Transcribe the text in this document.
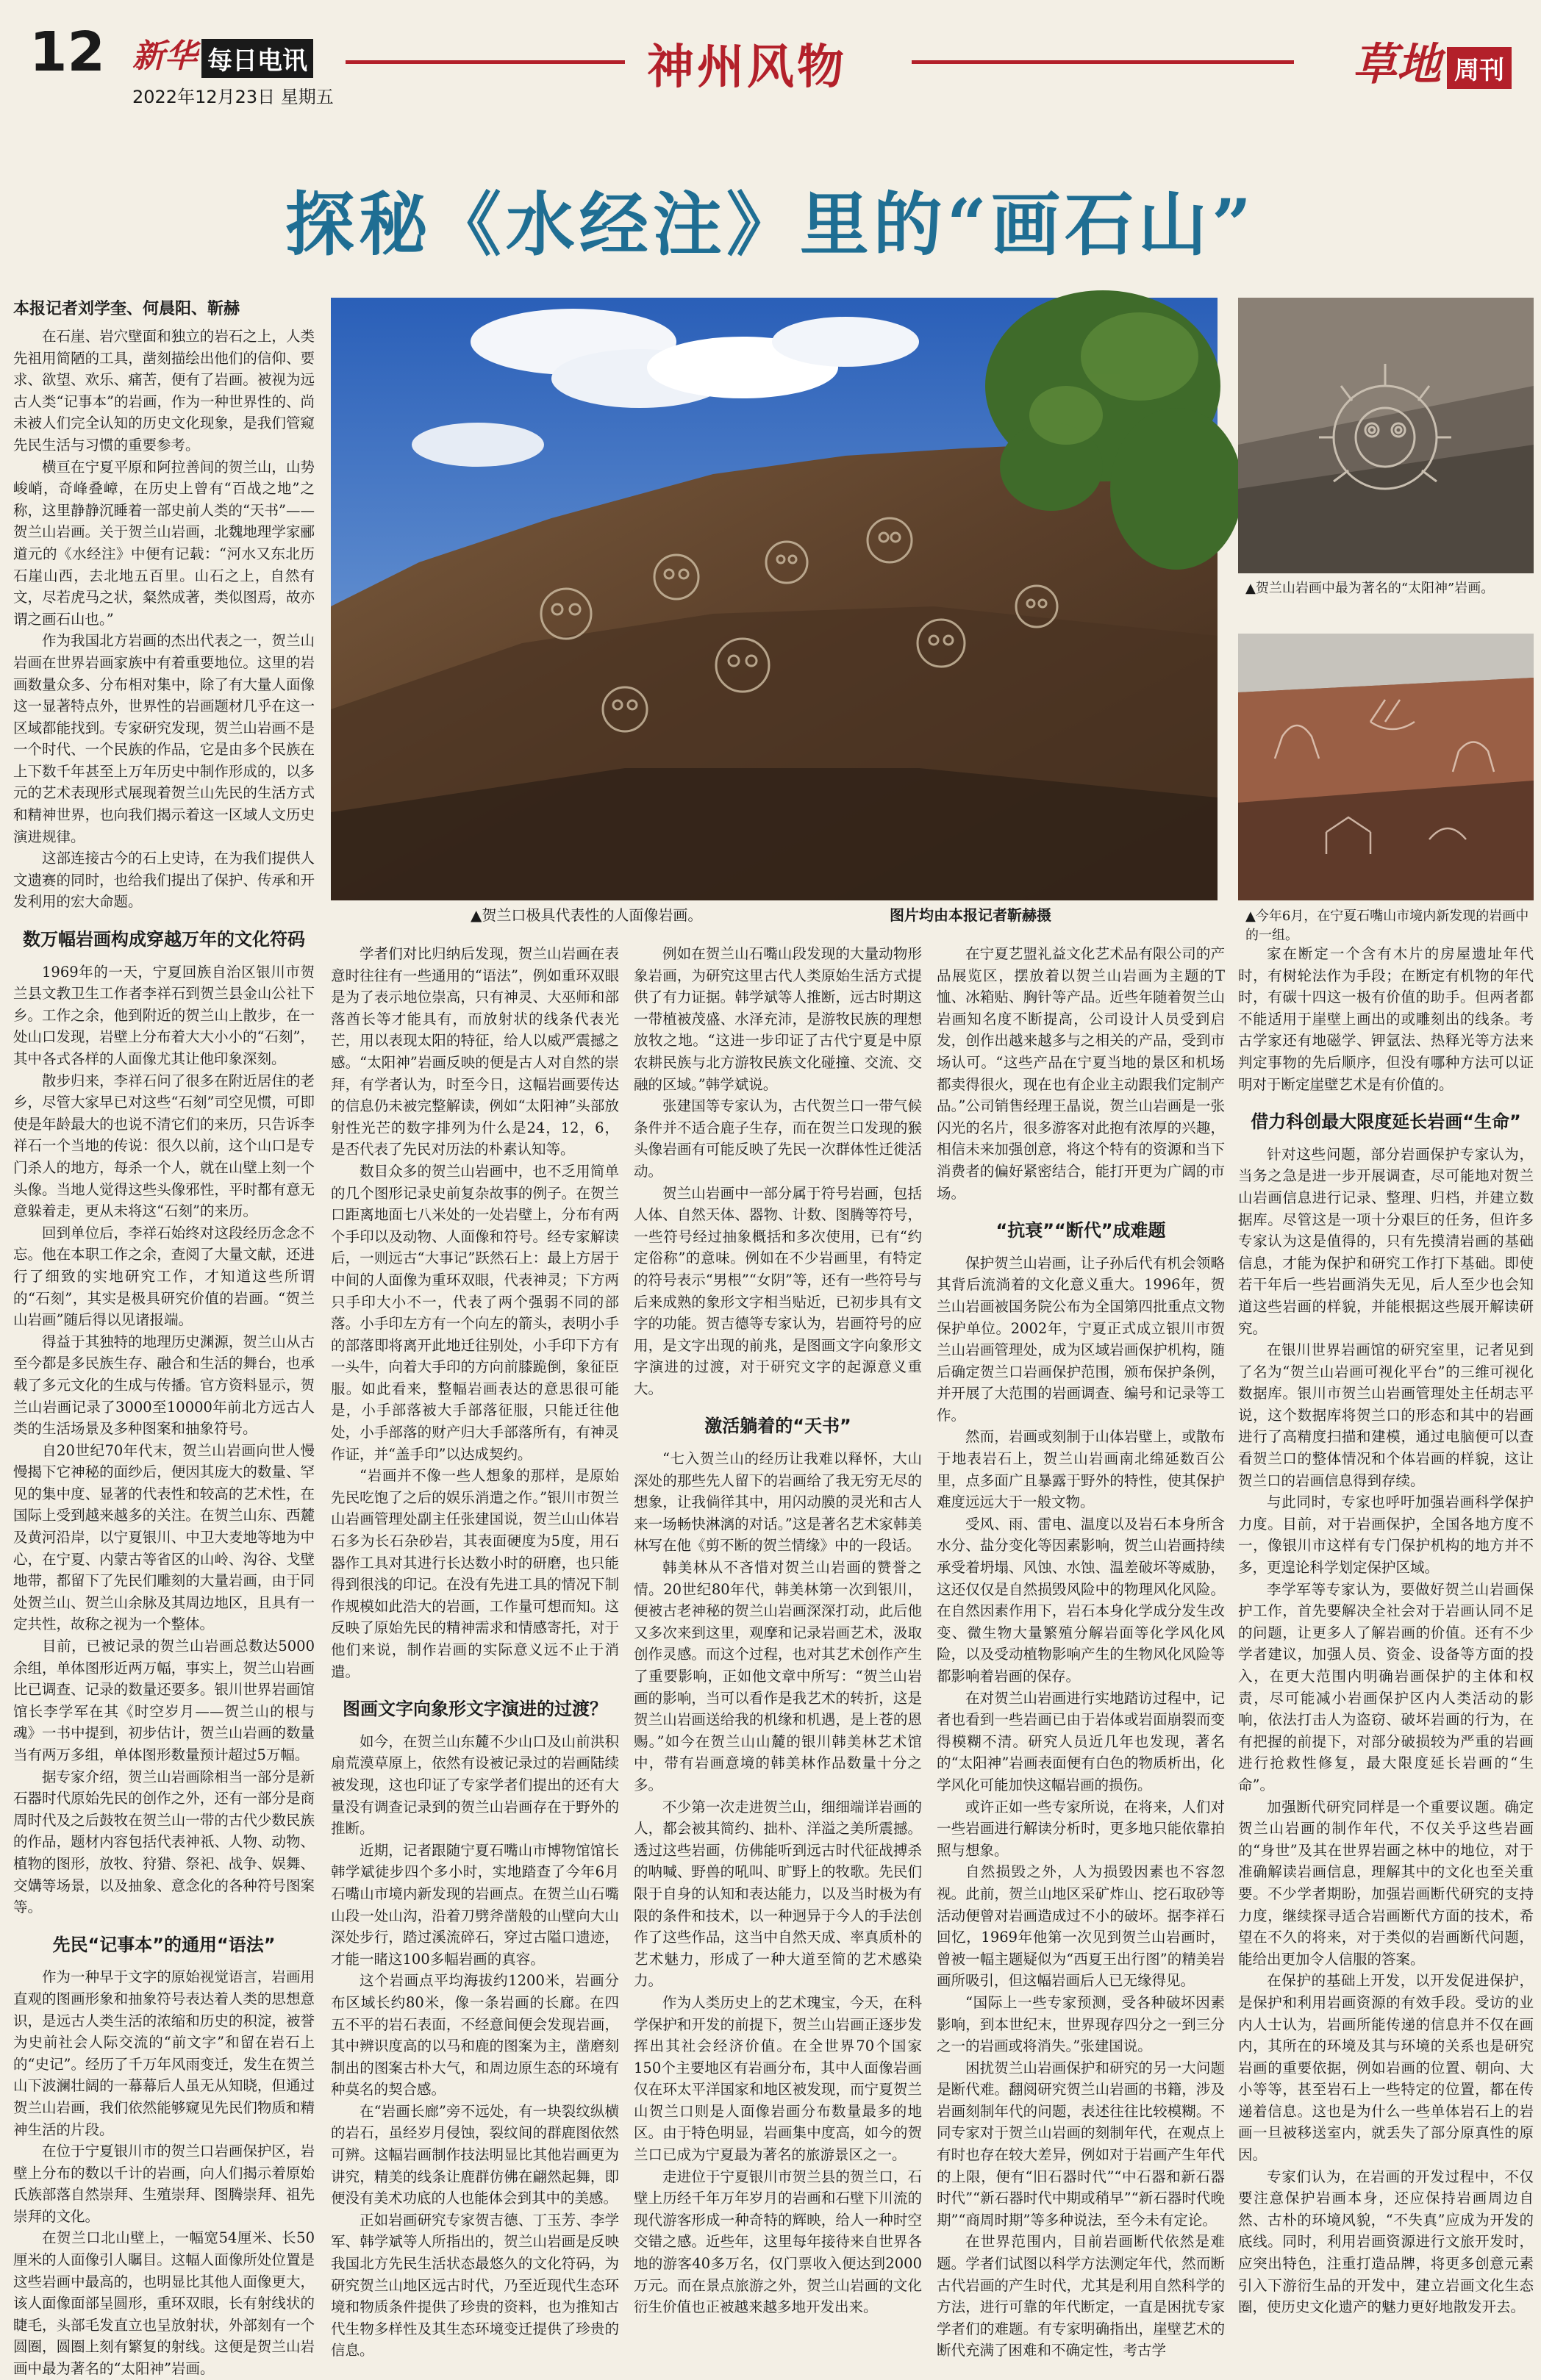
12 新华 每日电讯
2022年12月23日 星期五
神州风物	草地 周刊
探秘《水经注》里的“画石山”
本报记者刘学奎、何晨阳、靳赫
▲贺兰口极具代表性的人面像岩画。	图片均由本报记者靳赫摄
▲贺兰山岩画中最为著名的“太阳神”岩画。
▲今年6月，在宁夏石嘴山市境内新发现的岩画中的一组。

在石崖、岩穴壁面和独立的岩石之上，人类先祖用简陋的工具，凿刻描绘出他们的信仰、要求、欲望、欢乐、痛苦，便有了岩画。被视为远古人类“记事本”的岩画，作为一种世界性的、尚未被人们完全认知的历史文化现象，是我们管窥先民生活与习惯的重要参考。

横亘在宁夏平原和阿拉善间的贺兰山，山势峻峭，奇峰叠嶂，在历史上曾有“百战之地”之称，这里静静沉睡着一部史前人类的“天书”——贺兰山岩画。关于贺兰山岩画，北魏地理学家郦道元的《水经注》中便有记载：“河水又东北历石崖山西，去北地五百里。山石之上，自然有文，尽若虎马之状，粲然成著，类似图焉，故亦谓之画石山也。”

作为我国北方岩画的杰出代表之一，贺兰山岩画在世界岩画家族中有着重要地位。这里的岩画数量众多、分布相对集中，除了有大量人面像这一显著特点外，世界性的岩画题材几乎在这一区域都能找到。专家研究发现，贺兰山岩画不是一个时代、一个民族的作品，它是由多个民族在上下数千年甚至上万年历史中制作形成的，以多元的艺术表现形式展现着贺兰山先民的生活方式和精神世界，也向我们揭示着这一区域人文历史演进规律。

这部连接古今的石上史诗，在为我们提供人文遗赛的同时，也给我们提出了保护、传承和开发利用的宏大命题。

数万幅岩画构成穿越万年的文化符码

1969年的一天，宁夏回族自治区银川市贺兰县文教卫生工作者李祥石到贺兰县金山公社下乡。工作之余，他到附近的贺兰山上散步，在一处山口发现，岩壁上分布着大大小小的“石刻”，其中各式各样的人面像尤其让他印象深刻。

散步归来，李祥石问了很多在附近居住的老乡，尽管大家早已对这些“石刻”司空见惯，可即使是年龄最大的也说不清它们的来历，只告诉李祥石一个当地的传说：很久以前，这个山口是专门杀人的地方，每杀一个人，就在山壁上刻一个头像。当地人觉得这些头像邪性，平时都有意无意躲着走，更从未将这“石刻”的来历。

回到单位后，李祥石始终对这段经历念念不忘。他在本职工作之余，查阅了大量文献，还进行了细致的实地研究工作，才知道这些所谓的“石刻”，其实是极具研究价值的岩画。“贺兰山岩画”随后得以见诸报端。

得益于其独特的地理历史渊源，贺兰山从古至今都是多民族生存、融合和生活的舞台，也承载了多元文化的生成与传播。官方资料显示，贺兰山岩画记录了3000至10000年前北方远古人类的生活场景及多种图案和抽象符号。

自20世纪70年代末，贺兰山岩画向世人慢慢揭下它神秘的面纱后，便因其庞大的数量、罕见的集中度、显著的代表性和较高的艺术性，在国际上受到越来越多的关注。在贺兰山东、西麓及黄河沿岸，以宁夏银川、中卫大麦地等地为中心，在宁夏、内蒙古等省区的山岭、沟谷、戈壁地带，都留下了先民们雕刻的大量岩画，由于同处贺兰山、贺兰山余脉及其周边地区，且具有一定共性，故称之视为一个整体。

目前，已被记录的贺兰山岩画总数达5000余组，单体图形近两万幅，事实上，贺兰山岩画比已调查、记录的数量还要多。银川世界岩画馆馆长李学军在其《时空岁月——贺兰山的根与魂》一书中提到，初步估计，贺兰山岩画的数量当有两万多组，单体图形数量预计超过5万幅。

据专家介绍，贺兰山岩画除相当一部分是新石器时代原始先民的创作之外，还有一部分是商周时代及之后鼓牧在贺兰山一带的古代少数民族的作品，题材内容包括代表神祇、人物、动物、植物的图形，放牧、狩猎、祭祀、战争、娱舞、交媾等场景，以及抽象、意念化的各种符号图案等。

先民“记事本”的通用“语法”

作为一种早于文字的原始视觉语言，岩画用直观的图画形象和抽象符号表达着人类的思想意识，是远古人类生活的浓缩和历史的积淀，被誉为史前社会人际交流的“前文字”和留在岩石上的“史记”。经历了千万年风雨变迁，发生在贺兰山下波澜壮阔的一幕幕后人虽无从知晓，但通过贺兰山岩画，我们依然能够窥见先民们物质和精神生活的片段。

在位于宁夏银川市的贺兰口岩画保护区，岩壁上分布的数以千计的岩画，向人们揭示着原始氏族部落自然崇拜、生殖崇拜、图腾崇拜、祖先崇拜的文化。

在贺兰口北山壁上，一幅宽54厘米、长50厘米的人面像引人瞩目。这幅人面像所处位置是这些岩画中最高的，也明显比其他人面像更大，该人面像面部呈圆形，重环双眼，长有射线状的睫毛，头部毛发直立也呈放射状，外部刻有一个圆圈，圆圈上刻有繁复的射线。这便是贺兰山岩画中最为著名的“太阳神”岩画。

学者们对比归纳后发现，贺兰山岩画在表意时往往有一些通用的“语法”，例如重环双眼是为了表示地位崇高，只有神灵、大巫师和部落酋长等才能具有，而放射状的线条代表光芒，用以表现太阳的特征，给人以威严震撼之感。“太阳神”岩画反映的便是古人对自然的崇拜，有学者认为，时至今日，这幅岩画要传达的信息仍未被完整解读，例如“太阳神”头部放射性光芒的数字排列为什么是24，12，6，是否代表了先民对历法的朴素认知等。

数目众多的贺兰山岩画中，也不乏用简单的几个图形记录史前复杂故事的例子。在贺兰口距离地面七八米处的一处岩壁上，分布有两个手印以及动物、人面像和符号。经专家解读后，一则远古“大事记”跃然石上：最上方居于中间的人面像为重环双眼，代表神灵；下方两只手印大小不一，代表了两个强弱不同的部落。小手印左方有一个向左的箭头，表明小手的部落即将离开此地迁往别处，小手印下方有一头牛，向着大手印的方向前膝跪倒，象征臣服。如此看来，整幅岩画表达的意思很可能是，小手部落被大手部落征服，只能迁往他处，小手部落的财产归大手部落所有，有神灵作证，并“盖手印”以达成契约。

“岩画并不像一些人想象的那样，是原始先民吃饱了之后的娱乐消遣之作。”银川市贺兰山岩画管理处副主任张建国说，贺兰山山体岩石多为长石杂砂岩，其表面硬度为5度，用石器作工具对其进行长达数小时的研磨，也只能得到很浅的印记。在没有先进工具的情况下制作规模如此浩大的岩画，工作量可想而知。这反映了原始先民的精神需求和情感寄托，对于他们来说，制作岩画的实际意义远不止于消遣。

图画文字向象形文字演进的过渡？

如今，在贺兰山东麓不少山口及山前洪积扇荒漠草原上，依然有设被记录过的岩画陆续被发现，这也印证了专家学者们提出的还有大量没有调查记录到的贺兰山岩画存在于野外的推断。

近期，记者跟随宁夏石嘴山市博物馆馆长韩学斌徒步四个多小时，实地踏查了今年6月石嘴山市境内新发现的岩画点。在贺兰山石嘴山段一处山沟，沿着刀劈斧凿般的山壁向大山深处步行，踏过溪流碎石，穿过古隘口遗迹，才能一睹这100多幅岩画的真容。

这个岩画点平均海拔约1200米，岩画分布区域长约80米，像一条岩画的长廊。在四五不平的岩石表面，不经意间便会发现岩画，其中辨识度高的以马和鹿的图案为主，凿磨刻制出的图案古朴大气，和周边原生态的环境有种莫名的契合感。

在“岩画长廊”旁不远处，有一块裂纹纵横的岩石，虽经岁月侵蚀，裂纹间的群鹿图依然可辨。这幅岩画制作技法明显比其他岩画更为讲究，精美的线条让鹿群仿佛在翩然起舞，即便没有美术功底的人也能体会到其中的美感。

正如岩画研究专家贺吉德、丁玉芳、李学军、韩学斌等人所指出的，贺兰山岩画是反映我国北方先民生活状态最悠久的文化符码，为研究贺兰山地区远古时代，乃至近现代生态环境和物质条件提供了珍贵的资料，也为推知古代生物多样性及其生态环境变迁提供了珍贵的信息。

例如在贺兰山石嘴山段发现的大量动物形象岩画，为研究这里古代人类原始生活方式提供了有力证据。韩学斌等人推断，远古时期这一带植被茂盛、水泽充沛，是游牧民族的理想放牧之地。“这进一步印证了古代宁夏是中原农耕民族与北方游牧民族文化碰撞、交流、交融的区域。”韩学斌说。

张建国等专家认为，古代贺兰口一带气候条件并不适合鹿子生存，而在贺兰口发现的猴头像岩画有可能反映了先民一次群体性迁徙活动。

贺兰山岩画中一部分属于符号岩画，包括人体、自然天体、器物、计数、图腾等符号，一些符号经过抽象概括和多次使用，已有“约定俗称”的意味。例如在不少岩画里，有特定的符号表示“男根”“女阴”等，还有一些符号与后来成熟的象形文字相当贴近，已初步具有文字的功能。贺吉德等专家认为，岩画符号的应用，是文字出现的前兆，是图画文字向象形文字演进的过渡，对于研究文字的起源意义重大。

激活躺着的“天书”

“七入贺兰山的经历让我难以释怀，大山深处的那些先人留下的岩画给了我无穷无尽的想象，让我倘徉其中，用闪动膜的灵光和古人来一场畅快淋漓的对话。”这是著名艺术家韩美林写在他《剪不断的贺兰情缘》中的一段话。

韩美林从不吝惜对贺兰山岩画的赞誉之情。20世纪80年代，韩美林第一次到银川，便被古老神秘的贺兰山岩画深深打动，此后他又多次来到这里，观摩和记录岩画艺术，汲取创作灵感。而这个过程，也对其艺术创作产生了重要影响，正如他文章中所写：“贺兰山岩画的影响，当可以看作是我艺术的转折，这是贺兰山岩画送给我的机缘和机遇，是上苍的恩赐。”如今在贺兰山山麓的银川韩美林艺术馆中，带有岩画意境的韩美林作品数量十分之多。

不少第一次走进贺兰山，细细端详岩画的人，都会被其简约、拙朴、洋溢之美所震撼。透过这些岩画，仿佛能听到远古时代征战搏杀的呐喊、野兽的吼叫、旷野上的牧歌。先民们限于自身的认知和表达能力，以及当时极为有限的条件和技术，以一种迥异于今人的手法创作了这些作品，这当中自然天成、率真质朴的艺术魅力，形成了一种大道至简的艺术感染力。

作为人类历史上的艺术瑰宝，今天，在科学保护和开发的前提下，贺兰山岩画正逐步发挥出其社会经济价值。在全世界70个国家150个主要地区有岩画分布，其中人面像岩画仅在环太平洋国家和地区被发现，而宁夏贺兰山贺兰口则是人面像岩画分布数量最多的地区。由于特色明显，岩画集中度高，如今的贺兰口已成为宁夏最为著名的旅游景区之一。

走进位于宁夏银川市贺兰县的贺兰口，石壁上历经千年万年岁月的岩画和石壁下川流的现代游客形成一种奇特的辉映，给人一种时空交错之感。近些年，这里每年接待来自世界各地的游客40多万名，仅门票收入便达到2000万元。而在景点旅游之外，贺兰山岩画的文化衍生价值也正被越来越多地开发出来。

在宁夏艺盟礼益文化艺术品有限公司的产品展览区，摆放着以贺兰山岩画为主题的T恤、冰箱贴、胸针等产品。近些年随着贺兰山岩画知名度不断提高，公司设计人员受到启发，创作出越来越多与之相关的产品，受到市场认可。“这些产品在宁夏当地的景区和机场都卖得很火，现在也有企业主动跟我们定制产品。”公司销售经理王晶说，贺兰山岩画是一张闪光的名片，很多游客对此抱有浓厚的兴趣，相信未来加强创意，将这个特有的资源和当下消费者的偏好紧密结合，能打开更为广阔的市场。

“抗衰”“断代”成难题

保护贺兰山岩画，让子孙后代有机会领略其背后流淌着的文化意义重大。1996年，贺兰山岩画被国务院公布为全国第四批重点文物保护单位。2002年，宁夏正式成立银川市贺兰山岩画管理处，成为区域岩画保护机构，随后确定贺兰口岩画保护范围，颁布保护条例，并开展了大范围的岩画调查、编号和记录等工作。

然而，岩画或刻制于山体岩壁上，或散布于地表岩石上，贺兰山岩画南北绵延数百公里，点多面广且暴露于野外的特性，使其保护难度远远大于一般文物。

受风、雨、雷电、温度以及岩石本身所含水分、盐分变化等因素影响，贺兰山岩画持续承受着坍塌、风蚀、水蚀、温差破坏等威胁，这还仅仅是自然损毁风险中的物理风化风险。在自然因素作用下，岩石本身化学成分发生改变、微生物大量繁殖分解岩面等化学风化风险，以及受动植物影响产生的生物风化风险等都影响着岩画的保存。

在对贺兰山岩画进行实地踏访过程中，记者也看到一些岩画已由于岩体或岩面崩裂而变得模糊不清。研究人员近几年也发现，著名的“太阳神”岩画表面便有白色的物质析出，化学风化可能加快这幅岩画的损伤。

或许正如一些专家所说，在将来，人们对一些岩画进行解读分析时，更多地只能依靠拍照与想象。

自然损毁之外，人为损毁因素也不容忽视。此前，贺兰山地区采矿炸山、挖石取砂等活动便曾对岩画造成过不小的破坏。据李祥石回忆，1969年他第一次见到贺兰山岩画时，曾被一幅主题疑似为“西夏王出行图”的精美岩画所吸引，但这幅岩画后人已无缘得见。

“国际上一些专家预测，受各种破坏因素影响，到本世纪末，世界现存四分之一到三分之一的岩画或将消失。”张建国说。

困扰贺兰山岩画保护和研究的另一大问题是断代难。翻阅研究贺兰山岩画的书籍，涉及岩画刻制年代的问题，表述往往比较模糊。不同专家对于贺兰山岩画的刻制年代，在观点上有时也存在较大差异，例如对于岩画产生年代的上限，便有“旧石器时代”“中石器和新石器时代”“新石器时代中期或稍早”“新石器时代晚期”“商周时期”等多种说法，至今未有定论。

在世界范围内，目前岩画断代依然是难题。学者们试图以科学方法测定年代，然而断古代岩画的产生时代，尤其是利用自然科学的方法，进行可靠的年代断定，一直是困扰专家学者们的难题。有专家明确指出，崖壁艺术的断代充满了困难和不确定性，考古学

家在断定一个含有木片的房屋遗址年代时，有树轮法作为手段；在断定有机物的年代时，有碳十四这一极有价值的助手。但两者都不能适用于崖壁上画出的或雕刻出的线条。考古学家还有地磁学、钾氩法、热释光等方法来判定事物的先后顺序，但没有哪种方法可以证明对于断定崖壁艺术是有价值的。

借力科创最大限度延长岩画“生命”

针对这些问题，部分岩画保护专家认为，当务之急是进一步开展调查，尽可能地对贺兰山岩画信息进行记录、整理、归档，并建立数据库。尽管这是一项十分艰巨的任务，但许多专家认为这是值得的，只有先摸清岩画的基础信息，才能为保护和研究工作打下基础。即使若干年后一些岩画消失无见，后人至少也会知道这些岩画的样貌，并能根据这些展开解读研究。

在银川世界岩画馆的研究室里，记者见到了名为“贺兰山岩画可视化平台”的三维可视化数据库。银川市贺兰山岩画管理处主任胡志平说，这个数据库将贺兰口的形态和其中的岩画进行了高精度扫描和建模，通过电脑便可以查看贺兰口的整体情况和个体岩画的样貌，这让贺兰口的岩画信息得到存续。

与此同时，专家也呼吁加强岩画科学保护力度。目前，对于岩画保护，全国各地方度不一，像银川市这样有专门保护机构的地方并不多，更遑论科学划定保护区域。

李学军等专家认为，要做好贺兰山岩画保护工作，首先要解决全社会对于岩画认同不足的问题，让更多人了解岩画的价值。还有不少学者建议，加强人员、资金、设备等方面的投入，在更大范围内明确岩画保护的主体和权责，尽可能减小岩画保护区内人类活动的影响，依法打击人为盗窃、破坏岩画的行为，在有把握的前提下，对部分破损较为严重的岩画进行抢救性修复，最大限度延长岩画的“生命”。

加强断代研究同样是一个重要议题。确定贺兰山岩画的制作年代，不仅关乎这些岩画的“身世”及其在世界岩画之林中的地位，对于准确解读岩画信息，理解其中的文化也至关重要。不少学者期盼，加强岩画断代研究的支持力度，继续探寻适合岩画断代方面的技术，希望在不久的将来，对于类似的岩画断代问题，能给出更加令人信服的答案。

在保护的基础上开发，以开发促进保护，是保护和利用岩画资源的有效手段。受访的业内人士认为，岩画所能传递的信息并不仅在画内，其所在的环境及其与环境的关系也是研究岩画的重要依据，例如岩画的位置、朝向、大小等等，甚至岩石上一些特定的位置，都在传递着信息。这也是为什么一些单体岩石上的岩画一旦被移送室内，就丢失了部分原真性的原因。

专家们认为，在岩画的开发过程中，不仅要注意保护岩画本身，还应保持岩画周边自然、古朴的环境风貌，“不失真”应成为开发的底线。同时，利用岩画资源进行文旅开发时，应突出特色，注重打造品牌，将更多创意元素引入下游衍生品的开发中，建立岩画文化生态圈，使历史文化遗产的魅力更好地散发开去。
